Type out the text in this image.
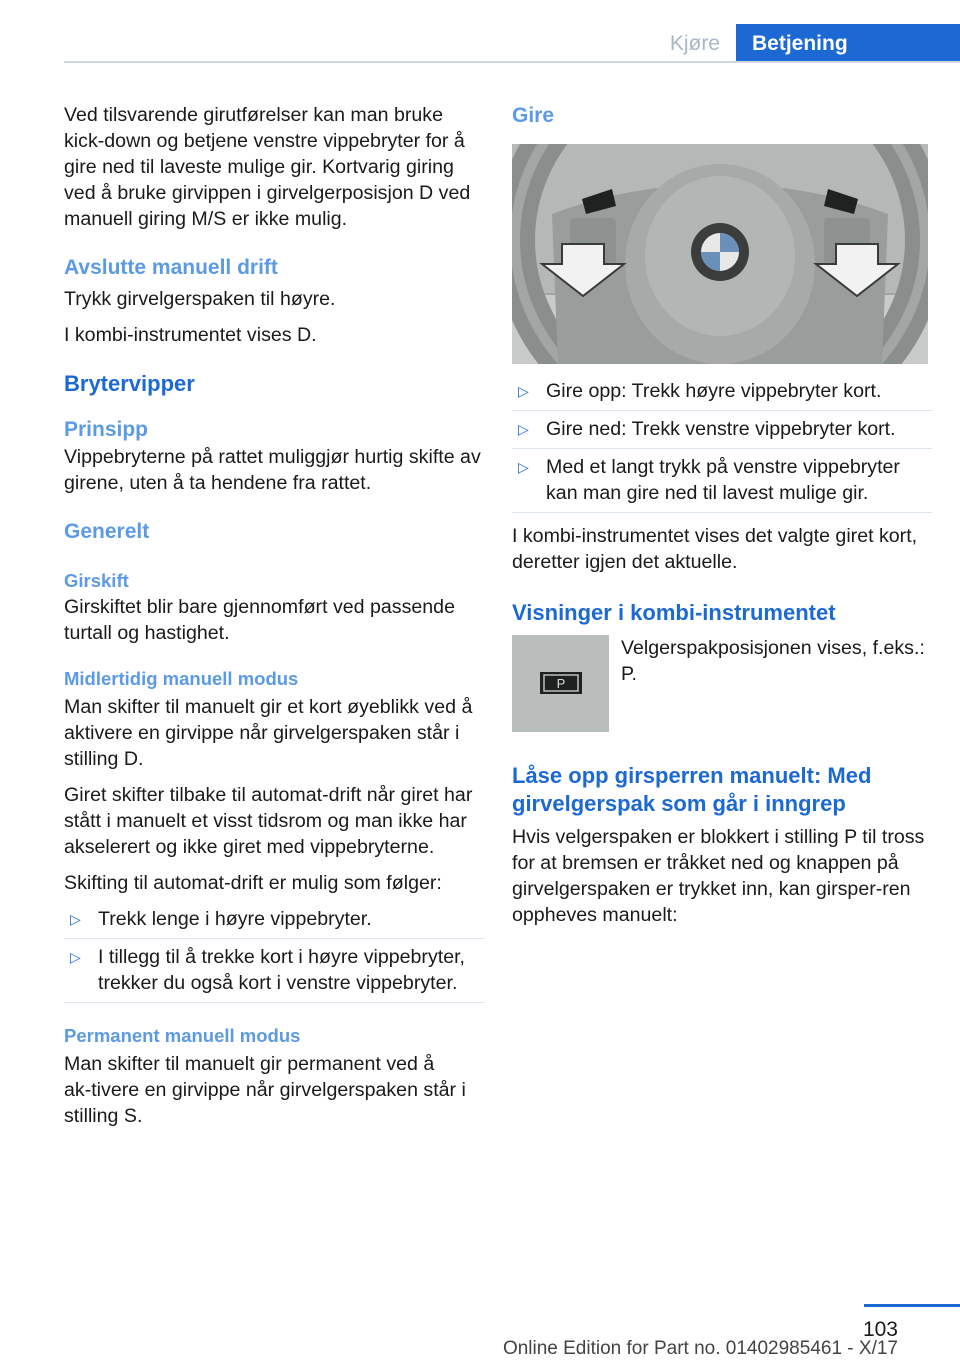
Kjøre	Betjening

Ved tilsvarende girutførelser kan man bruke kick‑down og betjene venstre vippebryter for å gire ned til laveste mulige gir. Kortvarig giring ved å bruke girvippen i girvelgerposisjon D ved manuell giring M/S er ikke mulig.

Avslutte manuell drift

Trykk girvelgerspaken til høyre.

I kombi‑instrumentet vises D.

Brytervipper
Prinsipp

Vippebryterne på rattet muliggjør hurtig skifte av girene, uten å ta hendene fra rattet.

Generelt
Girskift

Girskiftet blir bare gjennomført ved passende turtall og hastighet.

Midlertidig manuell modus

Man skifter til manuelt gir et kort øyeblikk ved å aktivere en girvippe når girvelgerspaken står i stilling D.

Giret skifter tilbake til automat‑drift når giret har stått i manuelt et visst tidsrom og man ikke har akselerert og ikke giret med vippebryterne.

Skifting til automat‑drift er mulig som følger:

▷ Trekk lenge i høyre vippebryter.
▷ I tillegg til å trekke kort i høyre vippebryter, trekker du også kort i venstre vippebryter.
Permanent manuell modus

Man skifter til manuelt gir permanent ved å ak‑tivere en girvippe når girvelgerspaken står i stilling S.

Gire
▷ Gire opp: Trekk høyre vippebryter kort.
▷ Gire ned: Trekk venstre vippebryter kort.
▷ Med et langt trykk på venstre vippebryter kan man gire ned til lavest mulige gir.

I kombi‑instrumentet vises det valgte giret kort, deretter igjen det aktuelle.

Visninger i kombi‑instrumentet
P
Velgerspakposisjonen vises, f.eks.: P.
Låse opp girsperren manuelt: Med girvelgerspak som går i inngrep

Hvis velgerspaken er blokkert i stilling P til tross for at bremsen er tråkket ned og knappen på girvelgerspaken er trykket inn, kan girsper‑ren oppheves manuelt:

103
Online Edition for Part no. 01402985461 - X/17
